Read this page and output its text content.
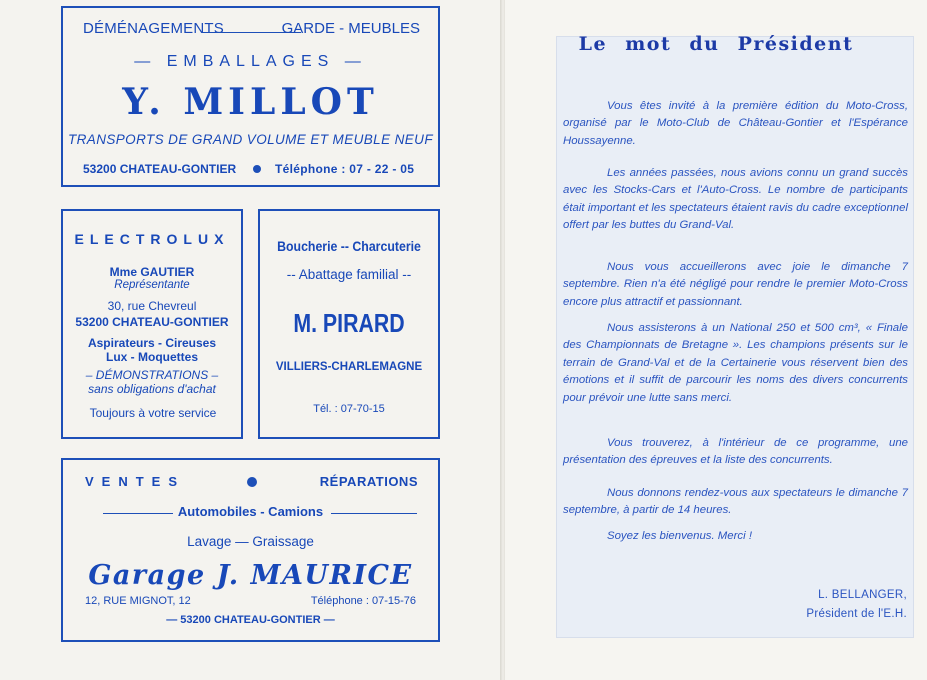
DÉMÉNAGEMENTS	GARDE - MEUBLES
— EMBALLAGES —
Y. MILLOT
TRANSPORTS DE GRAND VOLUME ET MEUBLE NEUF
53200 CHATEAU-GONTIER	Téléphone : 07 - 22 - 05
ELECTROLUX
Mme GAUTIER
Représentante
30, rue Chevreul
53200 CHATEAU-GONTIER
Aspirateurs - Cireuses
Lux - Moquettes
– DÉMONSTRATIONS –
sans obligations d'achat
Toujours à votre service
Boucherie -- Charcuterie
-- Abattage familial --
M. PIRARD
VILLIERS-CHARLEMAGNE
Tél. : 07-70-15
VENTES	RÉPARATIONS
Automobiles - Camions
Lavage — Graissage
Garage J. MAURICE
12, RUE MIGNOT, 12	Téléphone : 07-15-76
— 53200 CHATEAU-GONTIER —
Le mot du Président
Vous êtes invité à la première édition du Moto-Cross, organisé par le Moto-Club de Château-Gontier et l'Espérance Houssayenne.
Les années passées, nous avions connu un grand succès avec les Stocks-Cars et l'Auto-Cross. Le nombre de participants était important et les spectateurs étaient ravis du cadre exceptionnel offert par les buttes du Grand-Val.
Nous vous accueillerons avec joie le dimanche 7 septembre. Rien n'a été négligé pour rendre le premier Moto-Cross encore plus attractif et passionnant.
Nous assisterons à un National 250 et 500 cm³, « Finale des Championnats de Bretagne ». Les champions présents sur le terrain de Grand-Val et de la Certainerie vous réservent bien des émotions et il suffit de parcourir les noms des divers concurrents pour prévoir une lutte sans merci.
Vous trouverez, à l'intérieur de ce programme, une présentation des épreuves et la liste des concurrents.
Nous donnons rendez-vous aux spectateurs le dimanche 7 septembre, à partir de 14 heures.
Soyez les bienvenus. Merci !
L. BELLANGER,
Président de l'E.H.
